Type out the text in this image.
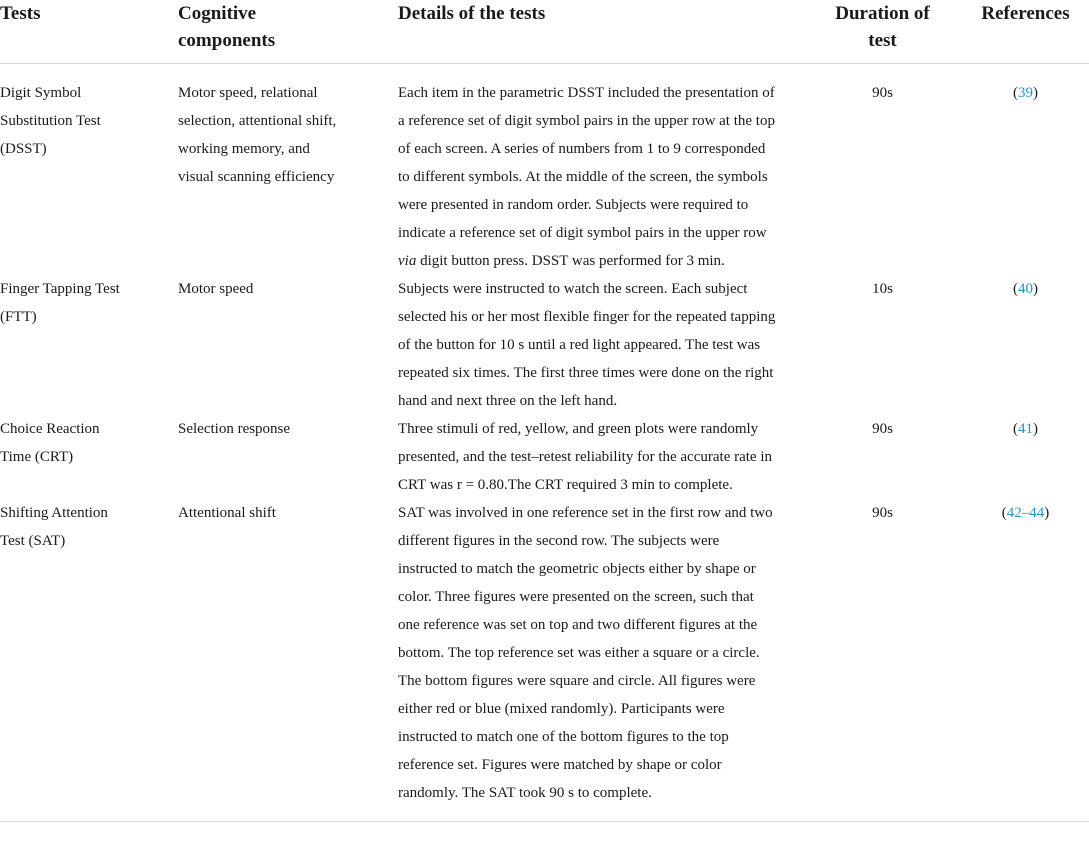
Tests	Cognitive components	Details of the tests	Duration of test	References

Digit Symbol Substitution Test (DSST)	Motor speed, relational selection, attentional shift, working memory, and visual scanning efficiency	Each item in the parametric DSST included the presentation of a reference set of digit symbol pairs in the upper row at the top of each screen. A series of numbers from 1 to 9 corresponded to different symbols. At the middle of the screen, the symbols were presented in random order. Subjects were required to indicate a reference set of digit symbol pairs in the upper row via digit button press. DSST was performed for 3 min.	90s	(39)

Finger Tapping Test (FTT)	Motor speed	Subjects were instructed to watch the screen. Each subject selected his or her most flexible finger for the repeated tapping of the button for 10 s until a red light appeared. The test was repeated six times. The first three times were done on the right hand and next three on the left hand.	10s	(40)

Choice Reaction Time (CRT)	Selection response	Three stimuli of red, yellow, and green plots were randomly presented, and the test–retest reliability for the accurate rate in CRT was r = 0.80.The CRT required 3 min to complete.	90s	(41)

Shifting Attention Test (SAT)	Attentional shift	SAT was involved in one reference set in the first row and two different figures in the second row. The subjects were instructed to match the geometric objects either by shape or color. Three figures were presented on the screen, such that one reference was set on top and two different figures at the bottom. The top reference set was either a square or a circle. The bottom figures were square and circle. All figures were either red or blue (mixed randomly). Participants were instructed to match one of the bottom figures to the top reference set. Figures were matched by shape or color randomly. The SAT took 90 s to complete.	90s	(42–44)
